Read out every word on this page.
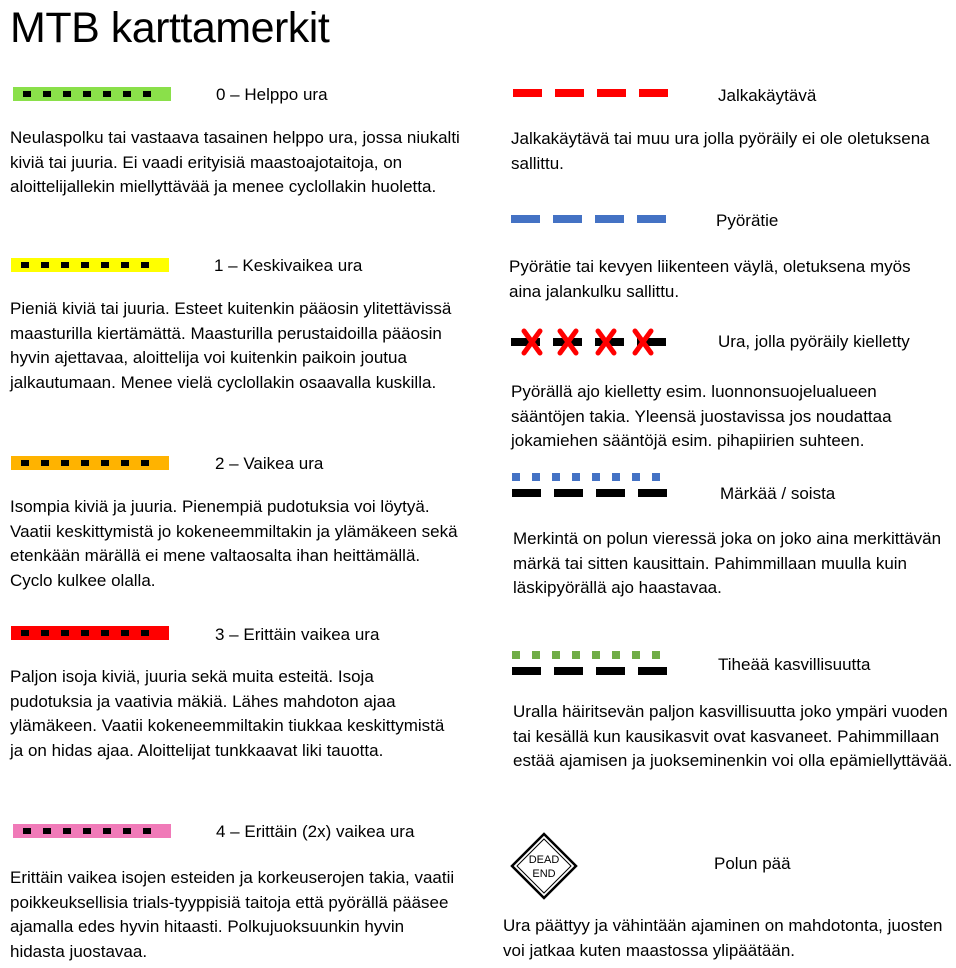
MTB karttamerkit
0 – Helppo ura
Neulaspolku tai vastaava tasainen helppo ura, jossa niukalti kiviä tai juuria. Ei vaadi erityisiä maastoajotaitoja, on aloittelijallekin miellyttävää ja menee cyclollakin huoletta.
1 – Keskivaikea ura
Pieniä kiviä tai juuria. Esteet kuitenkin pääosin ylitettävissä maasturilla kiertämättä. Maasturilla perustaidoilla pääosin hyvin ajettavaa, aloittelija voi kuitenkin paikoin joutua jalkautumaan. Menee vielä cyclollakin osaavalla kuskilla.
2 – Vaikea ura
Isompia kiviä ja juuria. Pienempiä pudotuksia voi löytyä. Vaatii keskittymistä jo kokeneemmiltakin ja ylämäkeen sekä etenkään märällä ei mene valtaosalta ihan heittämällä. Cyclo kulkee olalla.
3 – Erittäin vaikea ura
Paljon isoja kiviä, juuria sekä muita esteitä. Isoja pudotuksia ja vaativia mäkiä. Lähes mahdoton ajaa ylämäkeen. Vaatii kokeneemmiltakin tiukkaa keskittymistä ja on hidas ajaa. Aloittelijat tunkkaavat liki tauotta.
4 – Erittäin (2x) vaikea ura
Erittäin vaikea isojen esteiden ja korkeuserojen takia, vaatii poikkeuksellisia trials-tyyppisiä taitoja että pyörällä pääsee ajamalla edes hyvin hitaasti. Polkujuoksuunkin hyvin hidasta juostavaa.
Jalkakäytävä
Jalkakäytävä tai muu ura jolla pyöräily ei ole oletuksena sallittu.
Pyörätie
Pyörätie tai kevyen liikenteen väylä, oletuksena myös aina jalankulku sallittu.
Ura, jolla pyöräily kielletty
Pyörällä ajo kielletty esim. luonnonsuojelualueen sääntöjen takia. Yleensä juostavissa jos noudattaa jokamiehen sääntöjä esim. pihapiirien suhteen.
Märkää / soista
Merkintä on polun vieressä joka on joko aina merkittävän märkä tai sitten kausittain. Pahimmillaan muulla kuin läskipyörällä ajo haastavaa.
Tiheää kasvillisuutta
Uralla häiritsevän paljon kasvillisuutta joko ympäri vuoden tai kesällä kun kausikasvit ovat kasvaneet. Pahimmillaan estää ajamisen ja juokseminenkin voi olla epämiellyttävää.
DEAD
END
Polun pää
Ura päättyy ja vähintään ajaminen on mahdotonta, juosten voi jatkaa kuten maastossa ylipäätään.
